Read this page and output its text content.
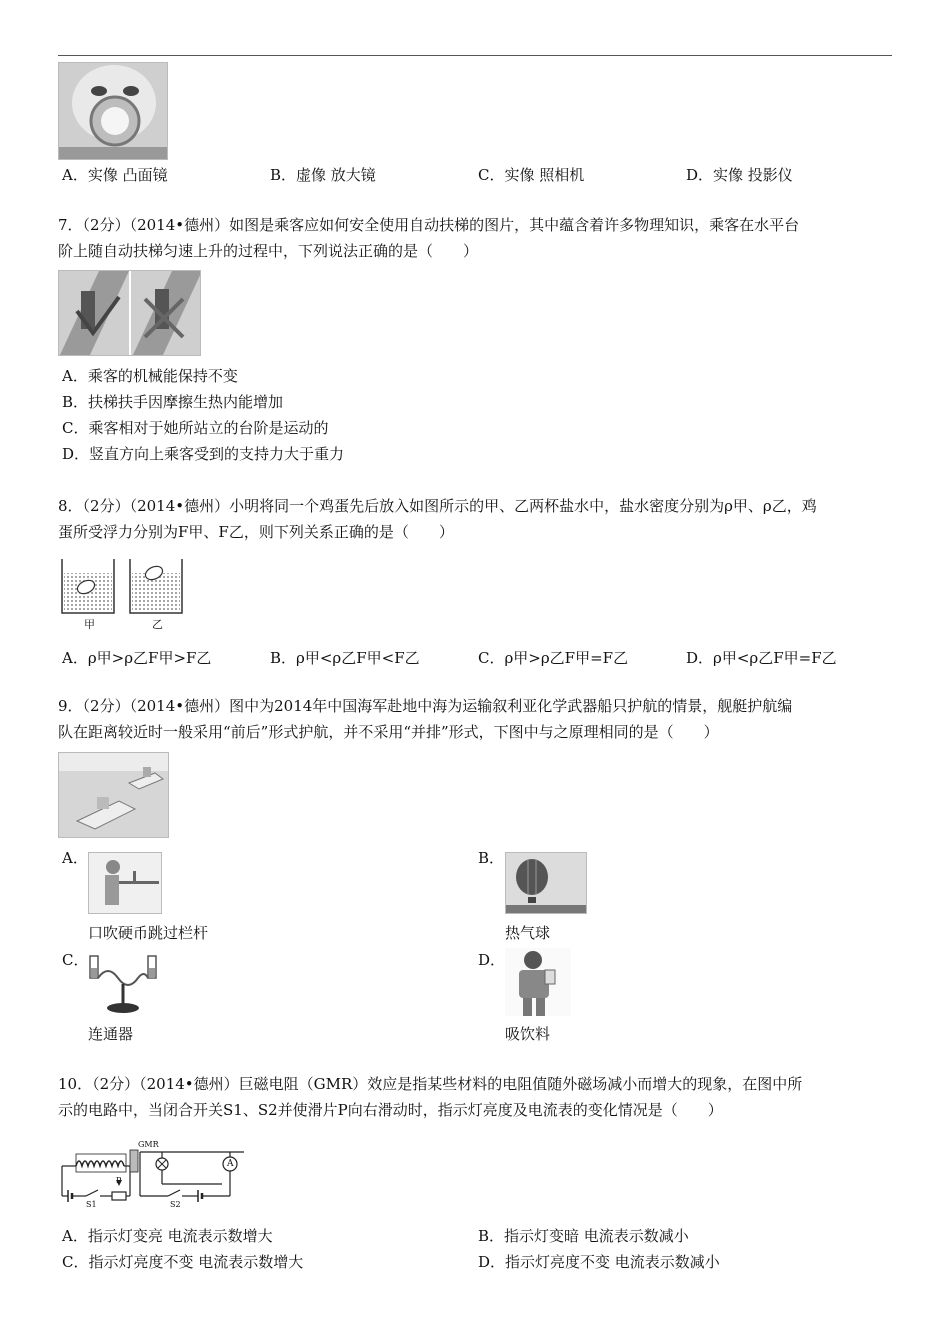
A．实像 凸面镜	B．虚像 放大镜	C．实像 照相机	D．实像 投影仪
7．（2分）（2014•德州）如图是乘客应如何安全使用自动扶梯的图片，其中蕴含着许多物理知识，乘客在水平台
阶上随自动扶梯匀速上升的过程中，下列说法正确的是（　　）
A．乘客的机械能保持不变
B．扶梯扶手因摩擦生热内能增加
C．乘客相对于她所站立的台阶是运动的
D．竖直方向上乘客受到的支持力大于重力
8．（2分）（2014•德州）小明将同一个鸡蛋先后放入如图所示的甲、乙两杯盐水中，盐水密度分别为ρ甲、ρ乙，鸡
蛋所受浮力分别为F甲、F乙，则下列关系正确的是（　　）
甲	乙
A．ρ甲>ρ乙F甲>F乙	B．ρ甲<ρ乙F甲<F乙	C．ρ甲>ρ乙F甲=F乙	D．ρ甲<ρ乙F甲=F乙
9．（2分）（2014•德州）图中为2014年中国海军赴地中海为运输叙利亚化学武器船只护航的情景，舰艇护航编
队在距离较近时一般采用“前后”形式护航，并不采用“并排”形式，下图中与之原理相同的是（　　）
A．
口吹硬币跳过栏杆
B．
热气球
C．
连通器
D．
吸饮料
10．（2分）（2014•德州）巨磁电阻（GMR）效应是指某些材料的电阻值随外磁场减小而增大的现象，在图中所
示的电路中，当闭合开关S1、S2并使滑片P向右滑动时，指示灯亮度及电流表的变化情况是（　　）
GMR
A
P
S1	S2
A．指示灯变亮 电流表示数增大	B．指示灯变暗 电流表示数减小
C．指示灯亮度不变 电流表示数增大	D．指示灯亮度不变 电流表示数减小
